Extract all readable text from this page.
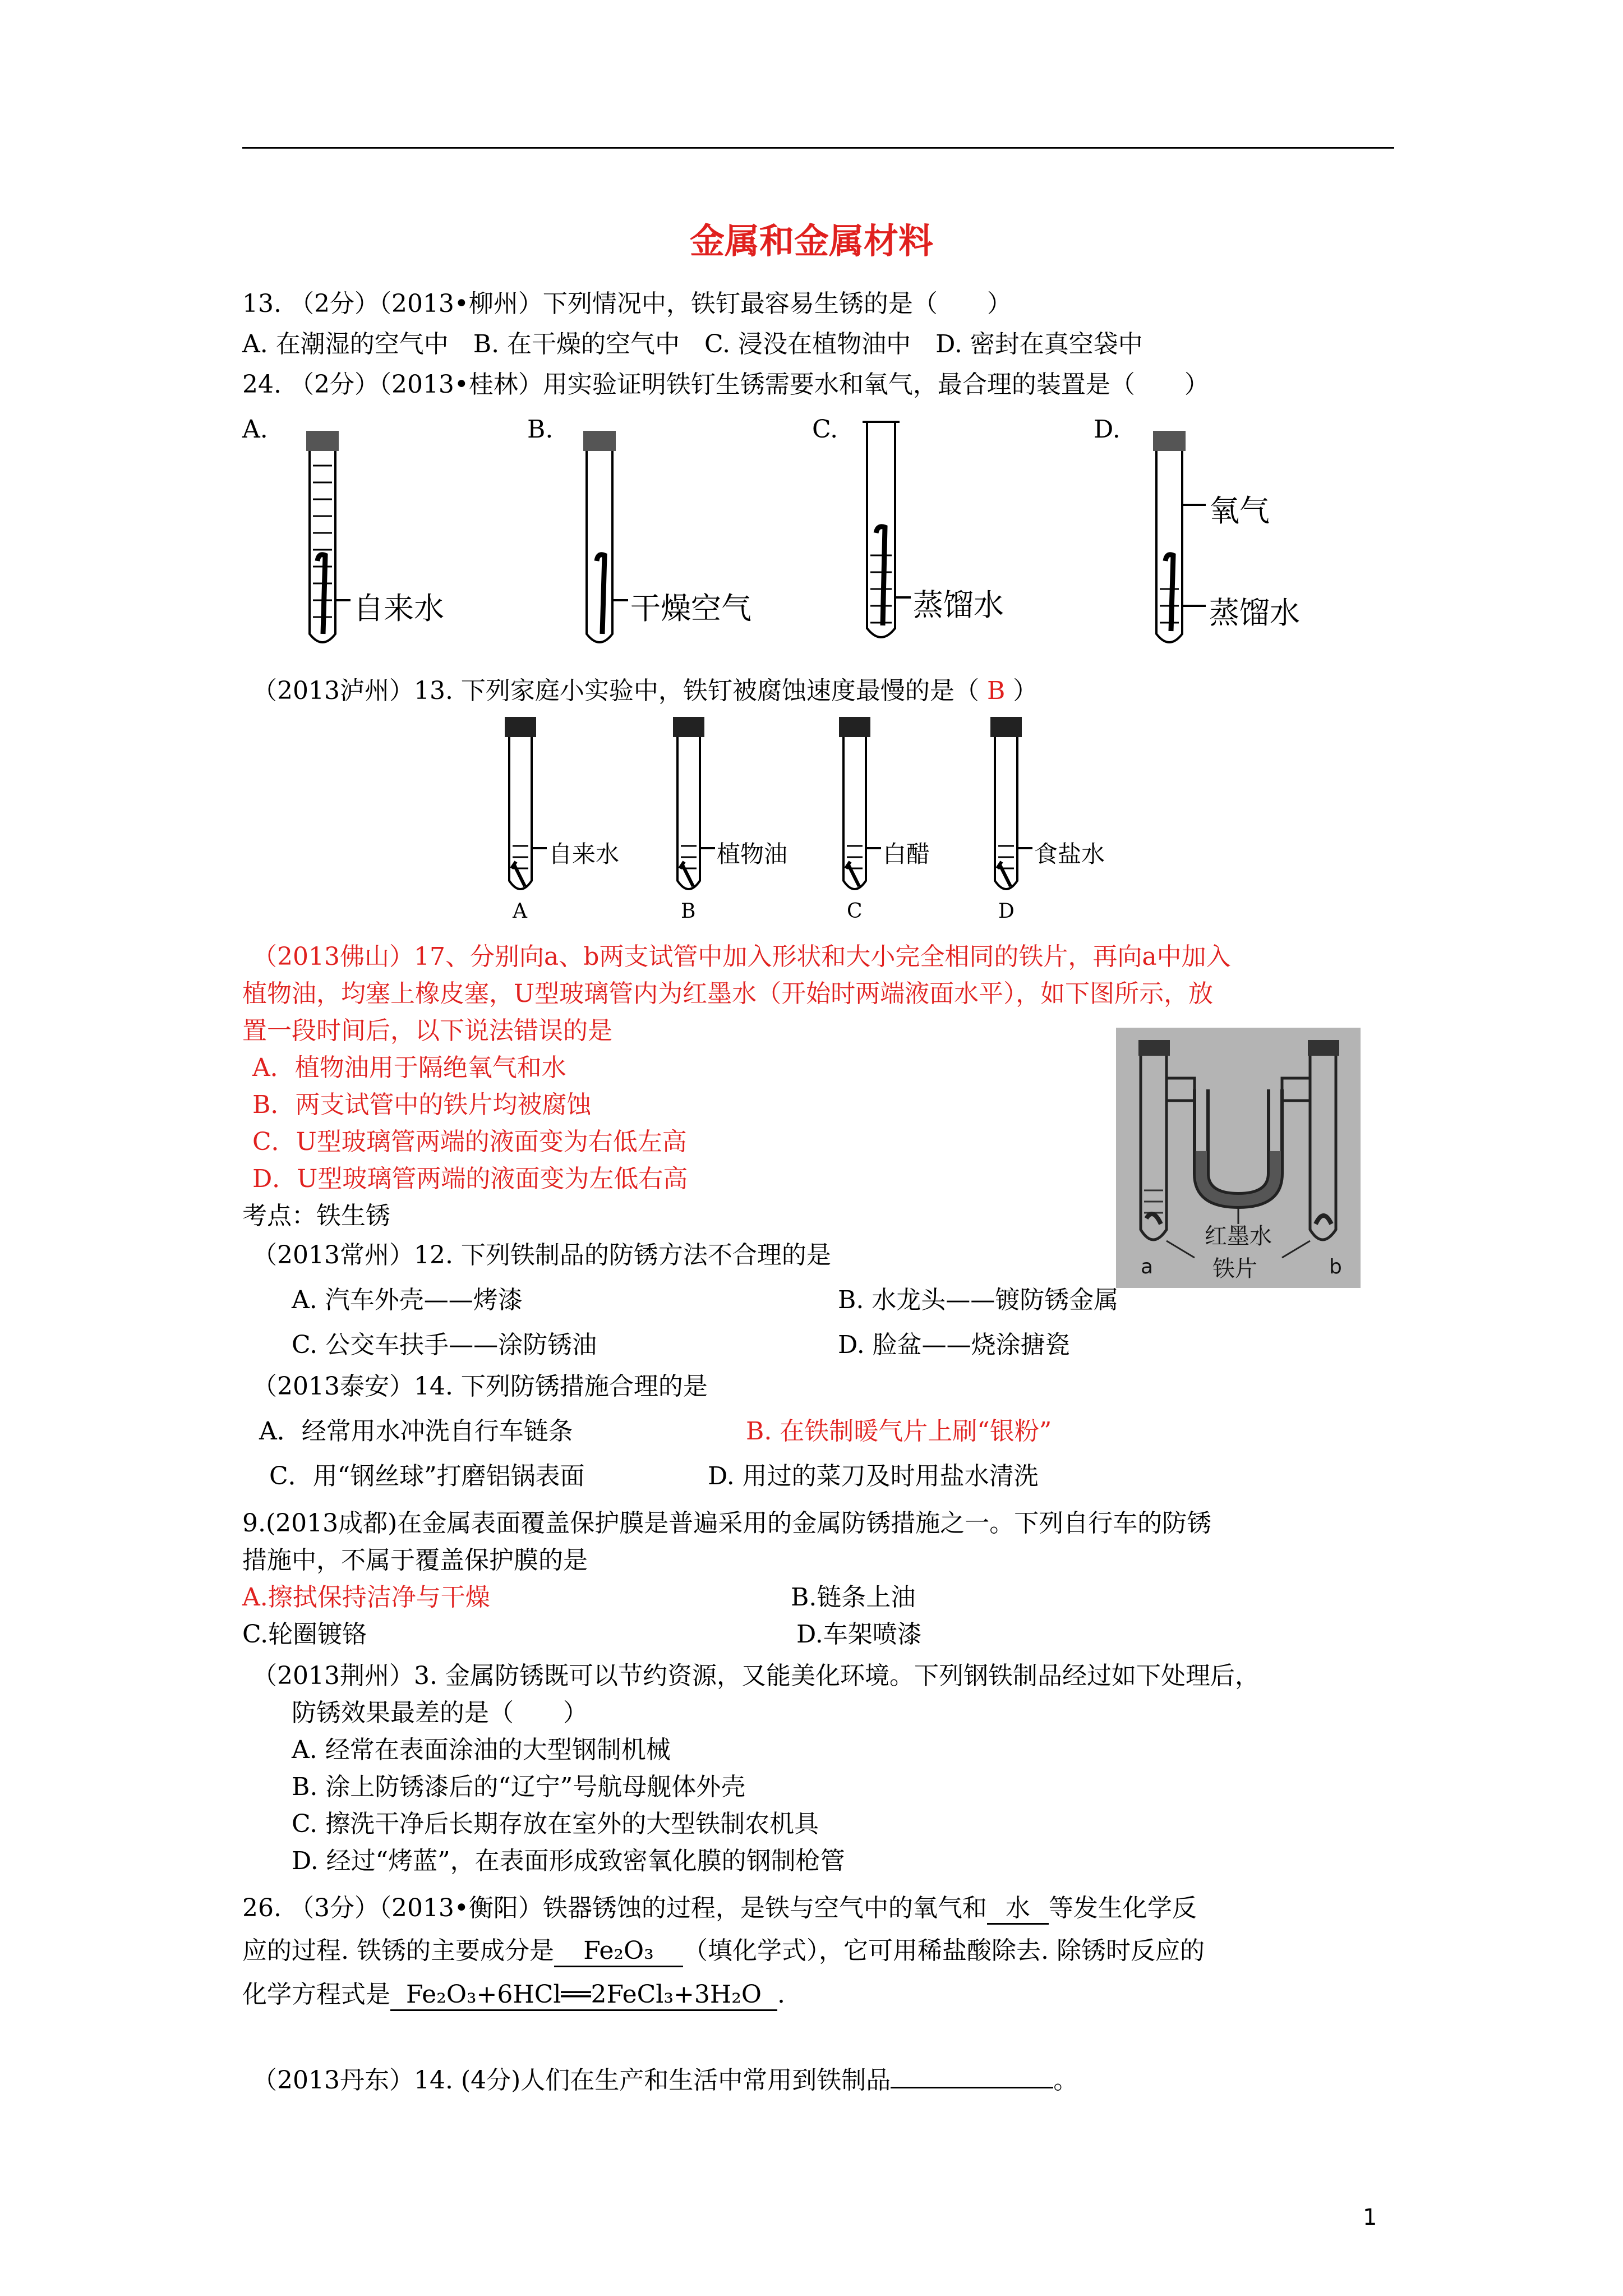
金属和金属材料
13. （2分）（2013•柳州）下列情况中，铁钉最容易生锈的是（　　）
A. 在潮湿的空气中　B. 在干燥的空气中　C. 浸没在植物油中　D. 密封在真空袋中
24. （2分）（2013•桂林）用实验证明铁钉生锈需要水和氧气，最合理的装置是（　　）
A.	B.	C.	D.
自来水	干燥空气	蒸馏水
氧气
蒸馏水
（2013泸州）13. 下列家庭小实验中，铁钉被腐蚀速度最慢的是（ B ）
自来水	植物油	白醋	食盐水
A	B	C	D
（2013佛山）17、分别向a、b两支试管中加入形状和大小完全相同的铁片，再向a中加入
植物油，均塞上橡皮塞，U型玻璃管内为红墨水（开始时两端液面水平），如下图所示，放
置一段时间后，以下说法错误的是
A．植物油用于隔绝氧气和水
B．两支试管中的铁片均被腐蚀
C．U型玻璃管两端的液面变为右低左高
D．U型玻璃管两端的液面变为左低右高
考点：铁生锈
红墨水
铁片
a	b
（2013常州）12. 下列铁制品的防锈方法不合理的是
A. 汽车外壳——烤漆	B. 水龙头——镀防锈金属
C. 公交车扶手——涂防锈油	D. 脸盆——烧涂搪瓷
（2013泰安）14. 下列防锈措施合理的是
A．经常用水冲洗自行车链条	B. 在铁制暖气片上刷“银粉”
C．用“钢丝球”打磨铝锅表面	D. 用过的菜刀及时用盐水清洗
9.(2013成都)在金属表面覆盖保护膜是普遍采用的金属防锈措施之一。下列自行车的防锈
措施中，不属于覆盖保护膜的是
A.擦拭保持洁净与干燥	B.链条上油
C.轮圈镀铬	D.车架喷漆
（2013荆州）3. 金属防锈既可以节约资源，又能美化环境。下列钢铁制品经过如下处理后，
防锈效果最差的是（　　）
A. 经常在表面涂油的大型钢制机械
B. 涂上防锈漆后的“辽宁”号航母舰体外壳
C. 擦洗干净后长期存放在室外的大型铁制农机具
D. 经过“烤蓝”，在表面形成致密氧化膜的钢制枪管
26. （3分）（2013•衡阳）铁器锈蚀的过程，是铁与空气中的氧气和 水 等发生化学反
应的过程. 铁锈的主要成分是 Fe₂O₃ （填化学式），它可用稀盐酸除去. 除锈时反应的
化学方程式是 Fe₂O₃+6HCl══2FeCl₃+3H₂O .
（2013丹东）14. (4分)人们在生产和生活中常用到铁制品	。
1
